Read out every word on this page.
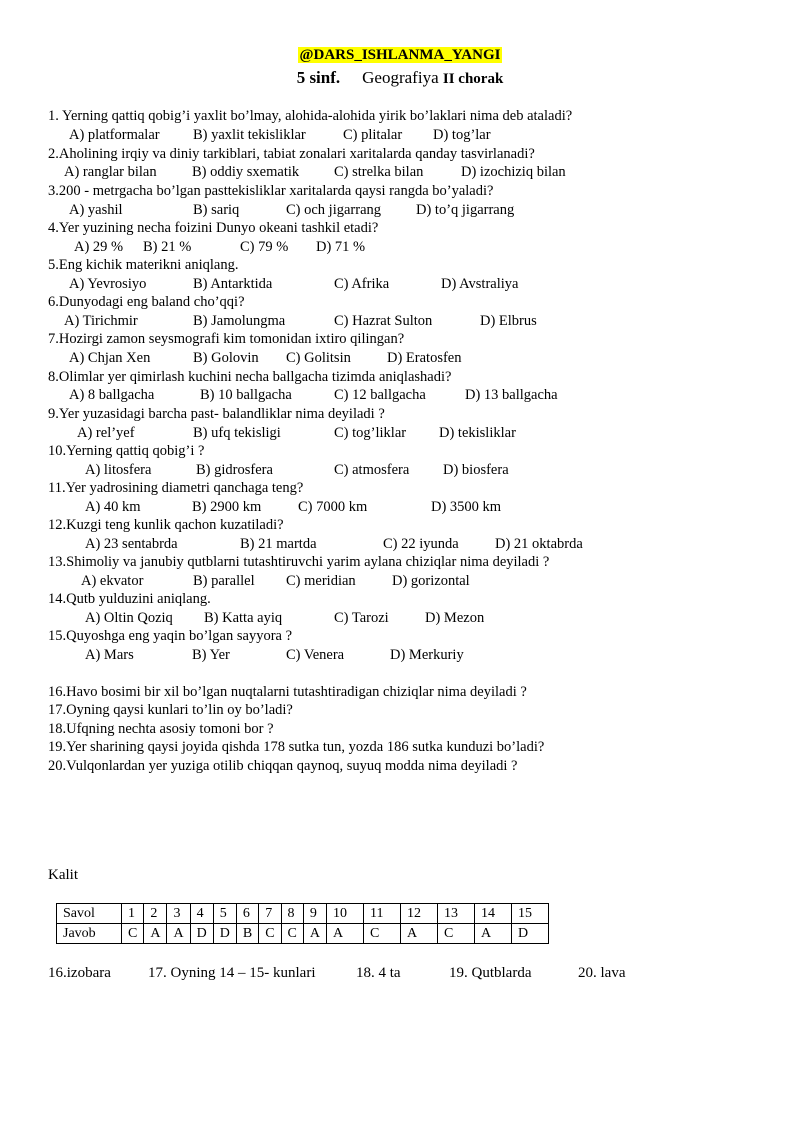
@DARS_ISHLANMA_YANGI
5 sinf. Geografiya II chorak
1. Yerning qattiq qobig’i yaxlit bo’lmay, alohida-alohida yirik bo’laklari nima deb ataladi?
A) platformalar B) yaxlit tekisliklar	C) plitalar D) tog’lar
2.Aholining irqiy va diniy tarkiblari, tabiat zonalari xaritalarda qanday tasvirlanadi?
A) ranglar bilan B) oddiy sxematik C) strelka bilan	D) izochiziq bilan
3.200 - metrgacha bo’lgan pasttekisliklar xaritalarda qaysi rangda bo’yaladi?
A) yashil	B) sariq	C) och jigarrang D) to’q jigarrang
4.Yer yuzining necha foizini Dunyo okeani tashkil etadi?
A) 29 % B) 21 %	C) 79 % D) 71 %
5.Eng kichik materikni aniqlang.
A) Yevrosiyo	B) Antarktida	C) Afrika	D) Avstraliya
6.Dunyodagi eng baland cho’qqi?
A) Tirichmir	B) Jamolungma	C) Hazrat Sulton	D) Elbrus
7.Hozirgi zamon seysmografi kim tomonidan ixtiro qilingan?
A) Chjan Xen	B) Golovin C) Golitsin D) Eratosfen
8.Olimlar yer qimirlash kuchini necha ballgacha tizimda aniqlashadi?
A) 8 ballgacha	B) 10 ballgacha	C) 12 ballgacha	D) 13 ballgacha
9.Yer yuzasidagi barcha past- balandliklar nima deyiladi ?
A) rel’yef	B) ufq tekisligi	C) tog’liklar D) tekisliklar
10.Yerning qattiq qobig’i ?
A) litosfera	B) gidrosfera	C) atmosfera D) biosfera
11.Yer yadrosining diametri qanchaga teng?
A) 40 km	B) 2900 km	C) 7000 km	D) 3500 km
12.Kuzgi teng kunlik qachon kuzatiladi?
A) 23 sentabrda	B) 21 martda	C) 22 iyunda	D) 21 oktabrda
13.Shimoliy va janubiy qutblarni tutashtiruvchi yarim aylana chiziqlar nima deyiladi ?
A) ekvator	B) parallel C) meridian	D) gorizontal
14.Qutb yulduzini aniqlang.
A) Oltin Qoziq B) Katta ayiq	C) Tarozi	D) Mezon
15.Quyoshga eng yaqin bo’lgan sayyora ?
A) Mars	B) Yer	C) Venera	D) Merkuriy
16.Havo bosimi bir xil bo’lgan nuqtalarni tutashtiradigan chiziqlar nima deyiladi ?
17.Oyning qaysi kunlari to’lin oy bo’ladi?
18.Ufqning nechta asosiy tomoni bor ?
19.Yer sharining qaysi joyida qishda 178 sutka tun, yozda 186 sutka kunduzi bo’ladi?
20.Vulqonlardan yer yuziga otilib chiqqan qaynoq, suyuq modda nima deyiladi ?
Kalit
Savol	1	2	3	4	5	6	7	8	9	10	11	12	13	14	15
Javob	C	A	A	D	D	B	C	C	A	A	C	A	C	A	D
16.izobara 17. Oyning 14 – 15- kunlari	18. 4 ta	19. Qutblarda	20. lava
